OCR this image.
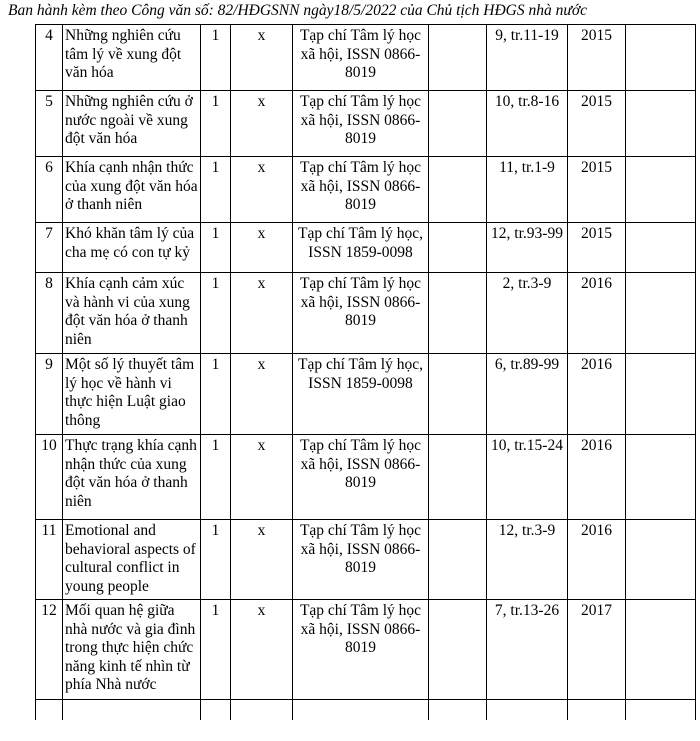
Ban hành kèm theo Công văn số: 82/HĐGSNN ngày18/5/2022 của Chủ tịch HĐGS nhà nước
4	Những nghiên cứu tâm lý về xung đột văn hóa	1	x	Tạp chí Tâm lý học xã hội, ISSN 0866-8019		9, tr.11-19	2015	
5	Những nghiên cứu ở nước ngoài về xung đột văn hóa	1	x	Tạp chí Tâm lý học xã hội, ISSN 0866-8019		10, tr.8-16	2015	
6	Khía cạnh nhận thức của xung đột văn hóa ở thanh niên	1	x	Tạp chí Tâm lý học xã hội, ISSN 0866-8019		11, tr.1-9	2015	
7	Khó khăn tâm lý của cha mẹ có con tự kỷ	1	x	Tạp chí Tâm lý học, ISSN 1859-0098		12, tr.93-99	2015	
8	Khía cạnh cảm xúc và hành vi của xung đột văn hóa ở thanh niên	1	x	Tạp chí Tâm lý học xã hội, ISSN 0866-8019		2, tr.3-9	2016	
9	Một số lý thuyết tâm lý học về hành vi thực hiện Luật giao thông	1	x	Tạp chí Tâm lý học, ISSN 1859-0098		6, tr.89-99	2016	
10	Thực trạng khía cạnh nhận thức của xung đột văn hóa ở thanh niên	1	x	Tạp chí Tâm lý học xã hội, ISSN 0866-8019		10, tr.15-24	2016	
11	Emotional and behavioral aspects of cultural conflict in young people	1	x	Tạp chí Tâm lý học xã hội, ISSN 0866-8019		12, tr.3-9	2016	
12	Mối quan hệ giữa nhà nước và gia đình trong thực hiện chức năng kinh tế nhìn từ phía Nhà nước	1	x	Tạp chí Tâm lý học xã hội, ISSN 0866-8019		7, tr.13-26	2017	
